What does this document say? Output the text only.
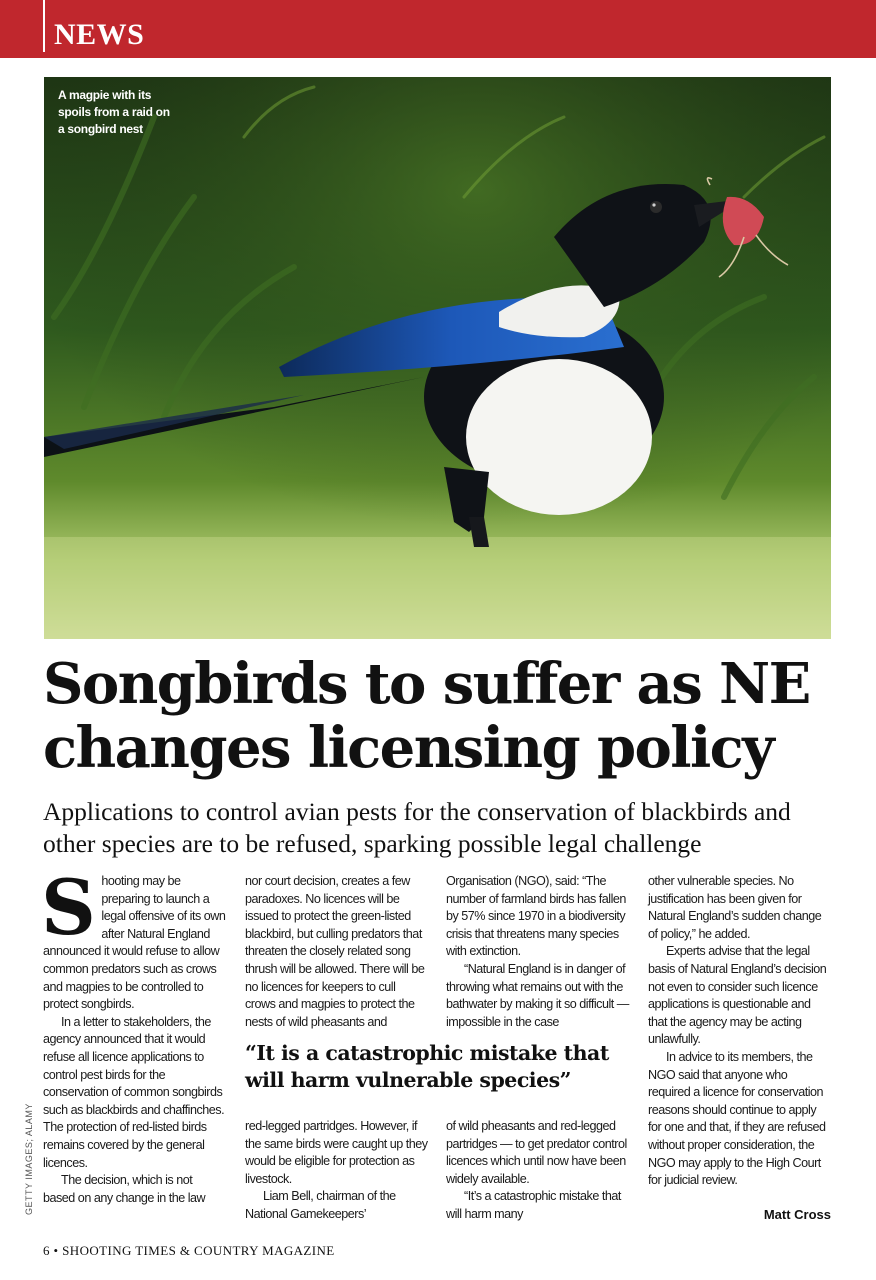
NEWS
A magpie with its spoils from a raid on a songbird nest
GETTY IMAGES; ALAMY
Songbirds to suffer as NE changes licensing policy

Applications to control avian pests for the conservation of blackbirds and other species are to be refused, sparking possible legal challenge

Shooting may be preparing to launch a legal offensive of its own after Natural England announced it would refuse to allow common predators such as crows and magpies to be controlled to protect songbirds.

In a letter to stakeholders, the agency announced that it would refuse all licence applications to control pest birds for the conservation of common songbirds such as blackbirds and chaffinches. The protection of red-listed birds remains covered by the general licences.

The decision, which is not based on any change in the law

nor court decision, creates a few paradoxes. No licences will be issued to protect the green-listed blackbird, but culling predators that threaten the closely related song thrush will be allowed. There will be no licences for keepers to cull crows and magpies to protect the nests of wild pheasants and

Organisation (NGO), said: “The number of farmland birds has fallen by 57% since 1970 in a biodiversity crisis that threatens many species with extinction.

“Natural England is in danger of throwing what remains out with the bathwater by making it so difficult — impossible in the case

“It is a catastrophic mistake that will harm vulnerable species”

red-legged partridges. However, if the same birds were caught up they would be eligible for protection as livestock.

Liam Bell, chairman of the National Gamekeepers’

of wild pheasants and red-legged partridges — to get predator control licences which until now have been widely available.

“It’s a catastrophic mistake that will harm many

other vulnerable species. No justification has been given for Natural England’s sudden change of policy,” he added.

Experts advise that the legal basis of Natural England’s decision not even to consider such licence applications is questionable and that the agency may be acting unlawfully.

In advice to its members, the NGO said that anyone who required a licence for conservation reasons should continue to apply for one and that, if they are refused without proper consideration, the NGO may apply to the High Court for judicial review.

Matt Cross
6 • SHOOTING TIMES & COUNTRY MAGAZINE
